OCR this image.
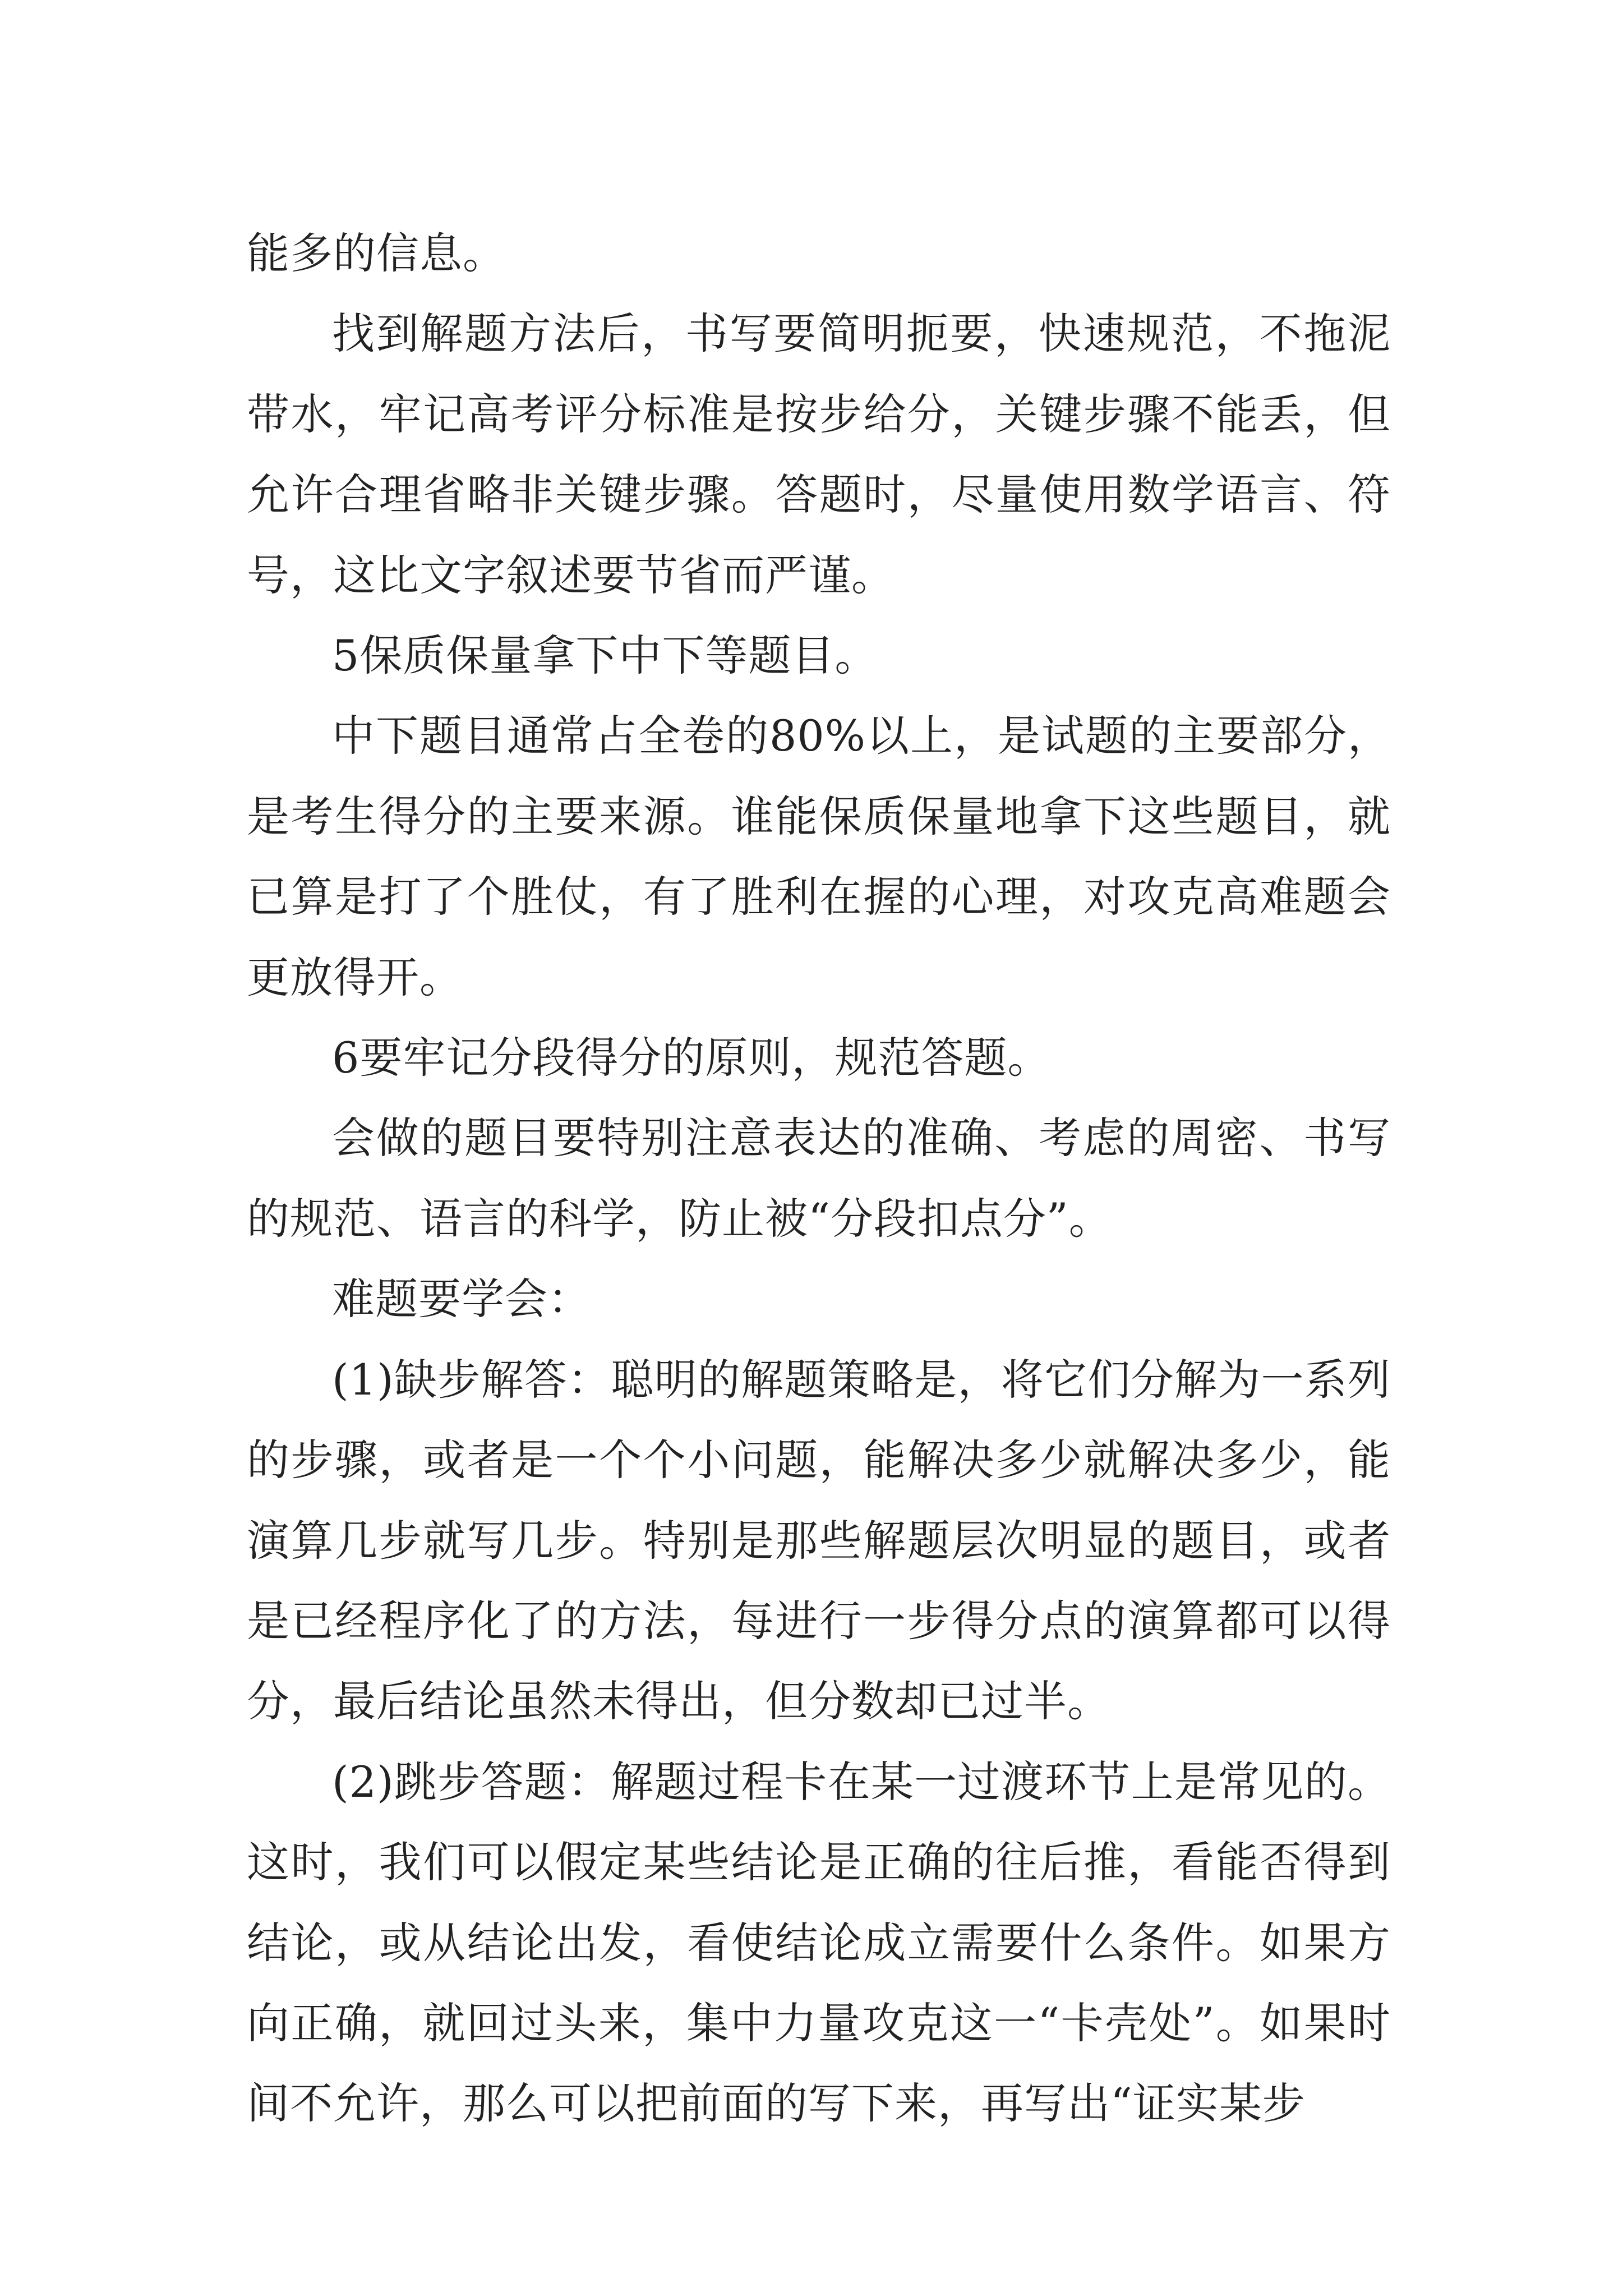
能多的信息。

找到解题方法后，书写要简明扼要，快速规范，不拖泥带水，牢记高考评分标准是按步给分，关键步骤不能丢，但允许合理省略非关键步骤。答题时，尽量使用数学语言、符号，这比文字叙述要节省而严谨。

5保质保量拿下中下等题目。

中下题目通常占全卷的80%以上，是试题的主要部分，是考生得分的主要来源。谁能保质保量地拿下这些题目，就已算是打了个胜仗，有了胜利在握的心理，对攻克高难题会更放得开。

6要牢记分段得分的原则，规范答题。

会做的题目要特别注意表达的准确、考虑的周密、书写的规范、语言的科学，防止被“分段扣点分”。

难题要学会：

(1)缺步解答：聪明的解题策略是，将它们分解为一系列的步骤，或者是一个个小问题，能解决多少就解决多少，能演算几步就写几步。特别是那些解题层次明显的题目，或者是已经程序化了的方法，每进行一步得分点的演算都可以得分，最后结论虽然未得出，但分数却已过半。

(2)跳步答题：解题过程卡在某一过渡环节上是常见的。这时，我们可以假定某些结论是正确的往后推，看能否得到结论，或从结论出发，看使结论成立需要什么条件。如果方向正确，就回过头来，集中力量攻克这一“卡壳处”。如果时间不允许，那么可以把前面的写下来，再写出“证实某步
